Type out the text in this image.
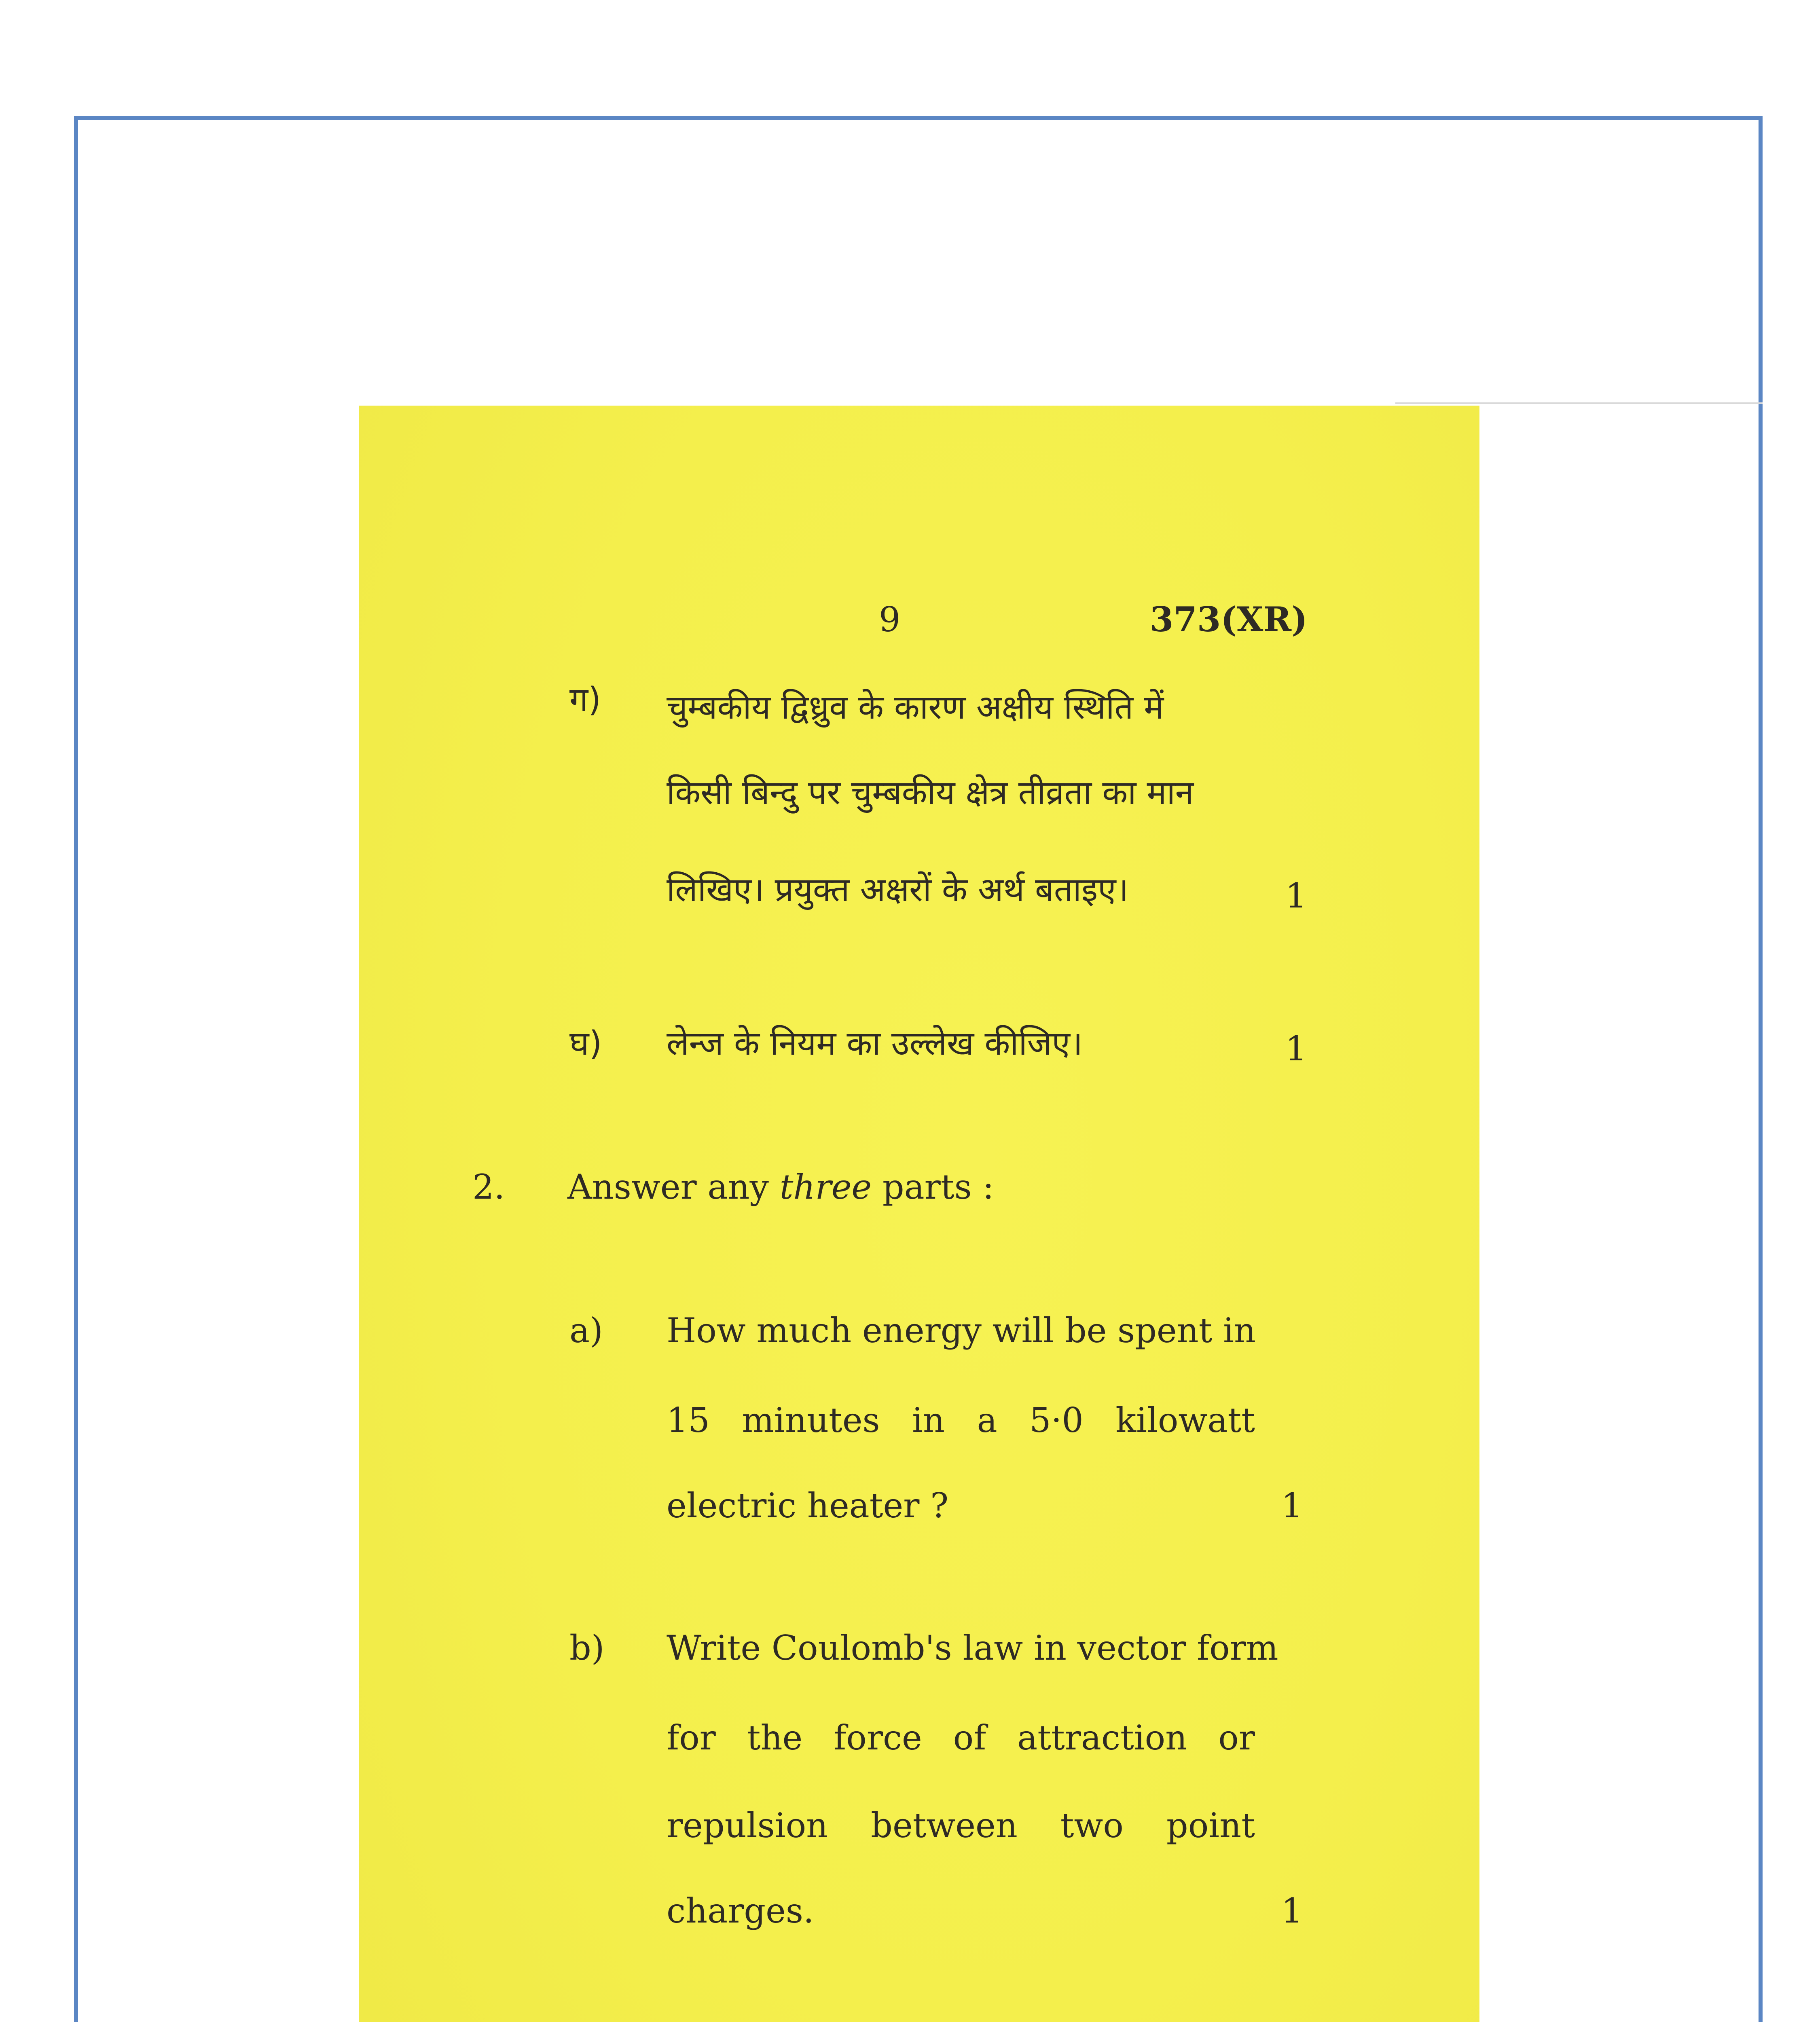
9	373(XR)
ग) चुम्बकीय द्विध्रुव के कारण अक्षीय स्थिति में
किसी बिन्दु पर चुम्बकीय क्षेत्र तीव्रता का मान
लिखिए। प्रयुक्त अक्षरों के अर्थ बताइए।	1
घ) लेन्ज के नियम का उल्लेख कीजिए।	1
2. Answer any three parts :
a) How much energy will be spent in
15 minutes in a 5·0 kilowatt
electric heater ?	1
b) Write Coulomb's law in vector form
for the force of attraction or
repulsion between two point
charges.	1
